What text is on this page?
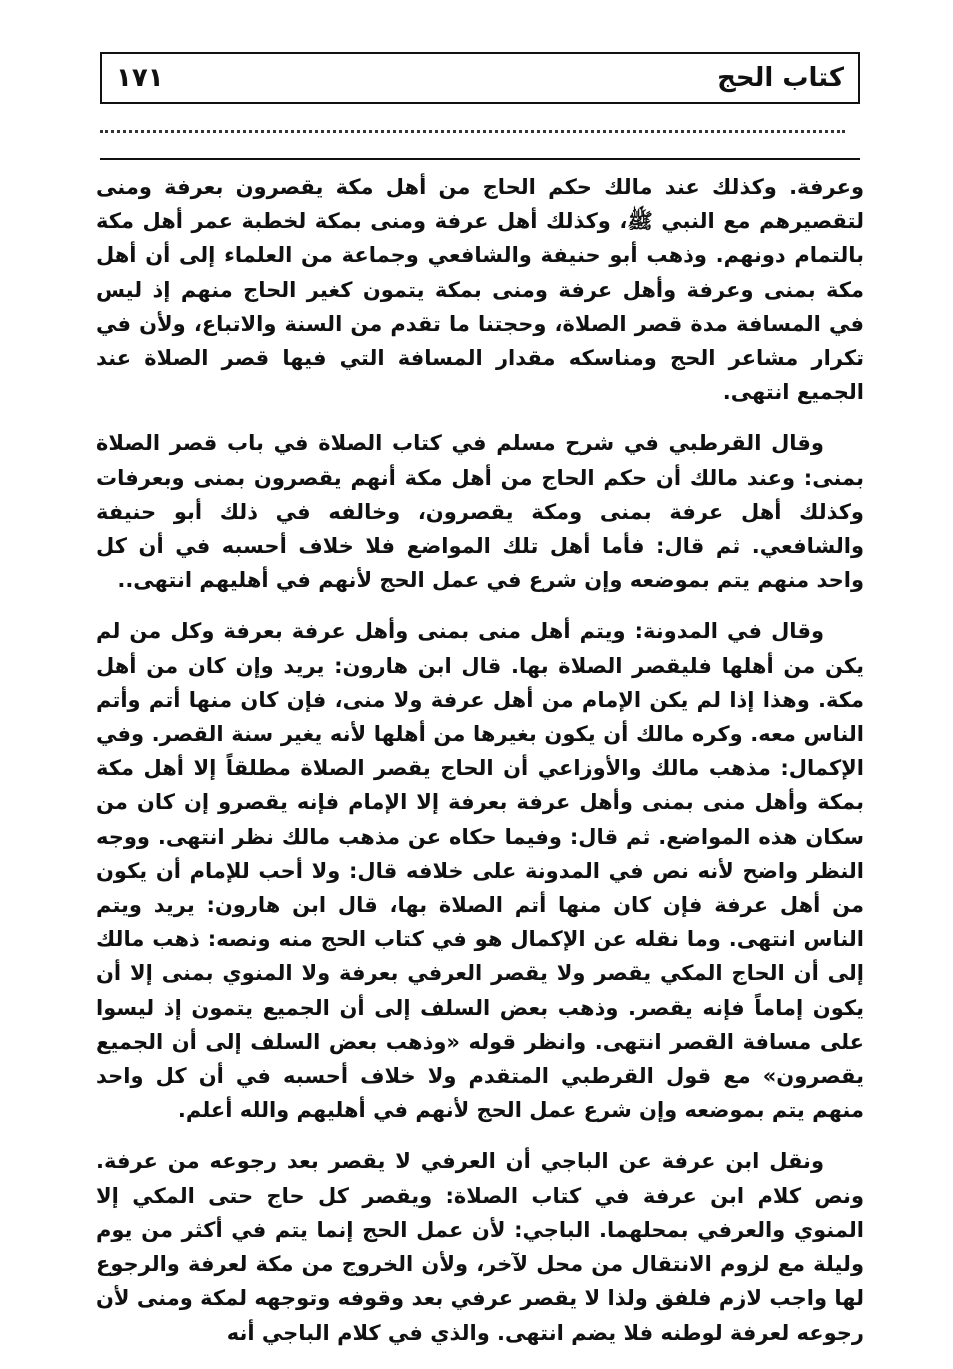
١٧١	كتاب الحج

وعرفة. وكذلك عند مالك حكم الحاج من أهل مكة يقصرون بعرفة ومنى لتقصيرهم مع النبي ﷺ، وكذلك أهل عرفة ومنى بمكة لخطبة عمر أهل مكة بالتمام دونهم. وذهب أبو حنيفة والشافعي وجماعة من العلماء إلى أن أهل مكة بمنى وعرفة وأهل عرفة ومنى بمكة يتمون كغير الحاج منهم إذ ليس في المسافة مدة قصر الصلاة، وحجتنا ما تقدم من السنة والاتباع، ولأن في تكرار مشاعر الحج ومناسكه مقدار المسافة التي فيها قصر الصلاة عند الجميع انتهى.

وقال القرطبي في شرح مسلم في كتاب الصلاة في باب قصر الصلاة بمنى: وعند مالك أن حكم الحاج من أهل مكة أنهم يقصرون بمنى وبعرفات وكذلك أهل عرفة بمنى ومكة يقصرون، وخالفه في ذلك أبو حنيفة والشافعي. ثم قال: فأما أهل تلك المواضع فلا خلاف أحسبه في أن كل واحد منهم يتم بموضعه وإن شرع في عمل الحج لأنهم في أهليهم انتهى..

وقال في المدونة: ويتم أهل منى بمنى وأهل عرفة بعرفة وكل من لم يكن من أهلها فليقصر الصلاة بها. قال ابن هارون: يريد وإن كان من أهل مكة. وهذا إذا لم يكن الإمام من أهل عرفة ولا منى، فإن كان منها أتم وأتم الناس معه. وكره مالك أن يكون بغيرها من أهلها لأنه يغير سنة القصر. وفي الإكمال: مذهب مالك والأوزاعي أن الحاج يقصر الصلاة مطلقاً إلا أهل مكة بمكة وأهل منى بمنى وأهل عرفة بعرفة إلا الإمام فإنه يقصرو إن كان من سكان هذه المواضع. ثم قال: وفيما حكاه عن مذهب مالك نظر انتهى. ووجه النظر واضح لأنه نص في المدونة على خلافه قال: ولا أحب للإمام أن يكون من أهل عرفة فإن كان منها أتم الصلاة بها، قال ابن هارون: يريد ويتم الناس انتهى. وما نقله عن الإكمال هو في كتاب الحج منه ونصه: ذهب مالك إلى أن الحاج المكي يقصر ولا يقصر العرفي بعرفة ولا المنوي بمنى إلا أن يكون إماماً فإنه يقصر. وذهب بعض السلف إلى أن الجميع يتمون إذ ليسوا على مسافة القصر انتهى. وانظر قوله «وذهب بعض السلف إلى أن الجميع يقصرون» مع قول القرطبي المتقدم ولا خلاف أحسبه في أن كل واحد منهم يتم بموضعه وإن شرع عمل الحج لأنهم في أهليهم والله أعلم.

ونقل ابن عرفة عن الباجي أن العرفي لا يقصر بعد رجوعه من عرفة. ونص كلام ابن عرفة في كتاب الصلاة: ويقصر كل حاج حتى المكي إلا المنوي والعرفي بمحلهما. الباجي: لأن عمل الحج إنما يتم في أكثر من يوم وليلة مع لزوم الانتقال من محل لآخر، ولأن الخروج من مكة لعرفة والرجوع لها واجب لازم فلفق ولذا لا يقصر عرفي بعد وقوفه وتوجهه لمكة ومنى لأن رجوعه لعرفة لوطنه فلا يضم انتهى. والذي في كلام الباجي أنه
